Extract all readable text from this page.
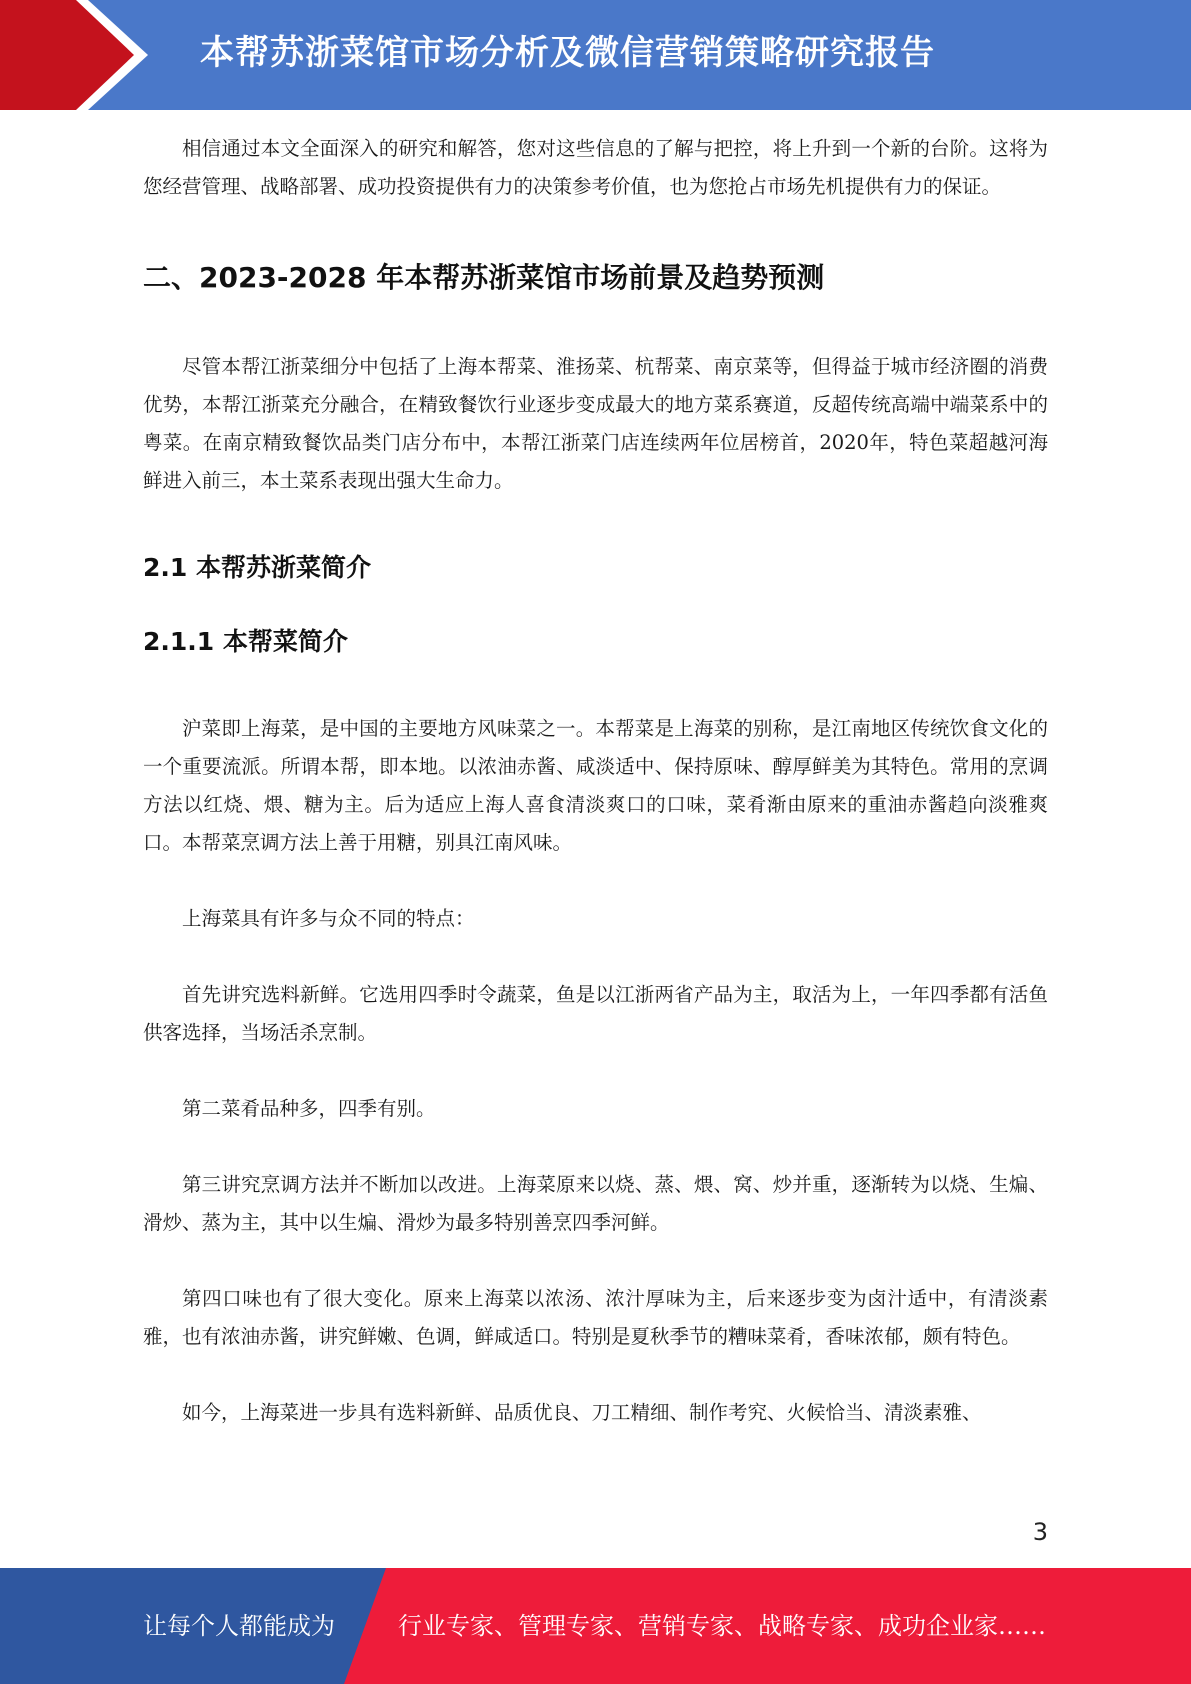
本帮苏浙菜馆市场分析及微信营销策略研究报告

相信通过本文全面深入的研究和解答，您对这些信息的了解与把控，将上升到一个新的台阶。这将为您经营管理、战略部署、成功投资提供有力的决策参考价值，也为您抢占市场先机提供有力的保证。

二、2023-2028 年本帮苏浙菜馆市场前景及趋势预测

尽管本帮江浙菜细分中包括了上海本帮菜、淮扬菜、杭帮菜、南京菜等，但得益于城市经济圈的消费优势，本帮江浙菜充分融合，在精致餐饮行业逐步变成最大的地方菜系赛道，反超传统高端中端菜系中的粤菜。在南京精致餐饮品类门店分布中，本帮江浙菜门店连续两年位居榜首，2020年，特色菜超越河海鲜进入前三，本土菜系表现出强大生命力。

2.1 本帮苏浙菜简介
2.1.1 本帮菜简介

沪菜即上海菜，是中国的主要地方风味菜之一。本帮菜是上海菜的别称，是江南地区传统饮食文化的一个重要流派。所谓本帮，即本地。以浓油赤酱、咸淡适中、保持原味、醇厚鲜美为其特色。常用的烹调方法以红烧、煨、糖为主。后为适应上海人喜食清淡爽口的口味，菜肴渐由原来的重油赤酱趋向淡雅爽口。本帮菜烹调方法上善于用糖，别具江南风味。

上海菜具有许多与众不同的特点：

首先讲究选料新鲜。它选用四季时令蔬菜，鱼是以江浙两省产品为主，取活为上，一年四季都有活鱼供客选择，当场活杀烹制。

第二菜肴品种多，四季有别。

第三讲究烹调方法并不断加以改进。上海菜原来以烧、蒸、煨、窝、炒并重，逐渐转为以烧、生煸、滑炒、蒸为主，其中以生煸、滑炒为最多特别善烹四季河鲜。

第四口味也有了很大变化。原来上海菜以浓汤、浓汁厚味为主，后来逐步变为卤汁适中，有清淡素雅，也有浓油赤酱，讲究鲜嫩、色调，鲜咸适口。特别是夏秋季节的糟味菜肴，香味浓郁，颇有特色。

如今，上海菜进一步具有选料新鲜、品质优良、刀工精细、制作考究、火候恰当、清淡素雅、

3
让每个人都能成为	行业专家、管理专家、营销专家、战略专家、成功企业家……
